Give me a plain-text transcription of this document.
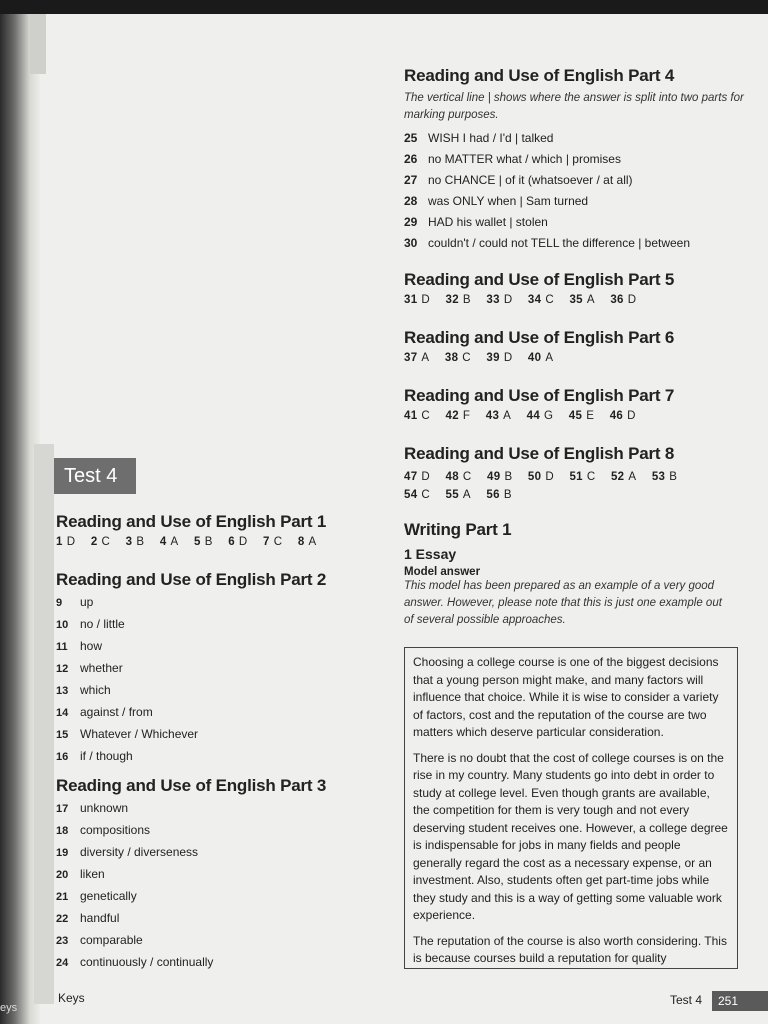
Reading and Use of English Part 4
The vertical line | shows where the answer is split into two parts for marking purposes.
25 WISH I had / I'd | talked
26 no MATTER what / which | promises
27 no CHANCE | of it (whatsoever / at all)
28 was ONLY when | Sam turned
29 HAD his wallet | stolen
30 couldn't / could not TELL the difference | between
Reading and Use of English Part 5
31 D 32 B 33 D 34 C 35 A 36 D
Reading and Use of English Part 6
37 A 38 C 39 D 40 A
Reading and Use of English Part 7
41 C 42 F 43 A 44 G 45 E 46 D
Reading and Use of English Part 8
47 D 48 C 49 B 50 D 51 C 52 A 53 B
54 C 55 A 56 B
Writing Part 1
1 Essay
Model answer
This model has been prepared as an example of a very good answer. However, please note that this is just one example out of several possible approaches.

Choosing a college course is one of the biggest decisions that a young person might make, and many factors will influence that choice. While it is wise to consider a variety of factors, cost and the reputation of the course are two matters which deserve particular consideration.

There is no doubt that the cost of college courses is on the rise in my country. Many students go into debt in order to study at college level. Even though grants are available, the competition for them is very tough and not every deserving student receives one. However, a college degree is indispensable for jobs in many fields and people generally regard the cost as a necessary expense, or an investment. Also, students often get part-time jobs while they study and this is a way of getting some valuable work experience.

The reputation of the course is also worth considering. This is because courses build a reputation for quality

Test 4
Reading and Use of English Part 1
1 D 2 C 3 B 4 A 5 B 6 D 7 C 8 A
Reading and Use of English Part 2
9 up
10 no / little
11 how
12 whether
13 which
14 against / from
15 Whatever / Whichever
16 if / though
Reading and Use of English Part 3
17 unknown
18 compositions
19 diversity / diverseness
20 liken
21 genetically
22 handful
23 comparable
24 continuously / continually
eys
Keys	Test 4	251
